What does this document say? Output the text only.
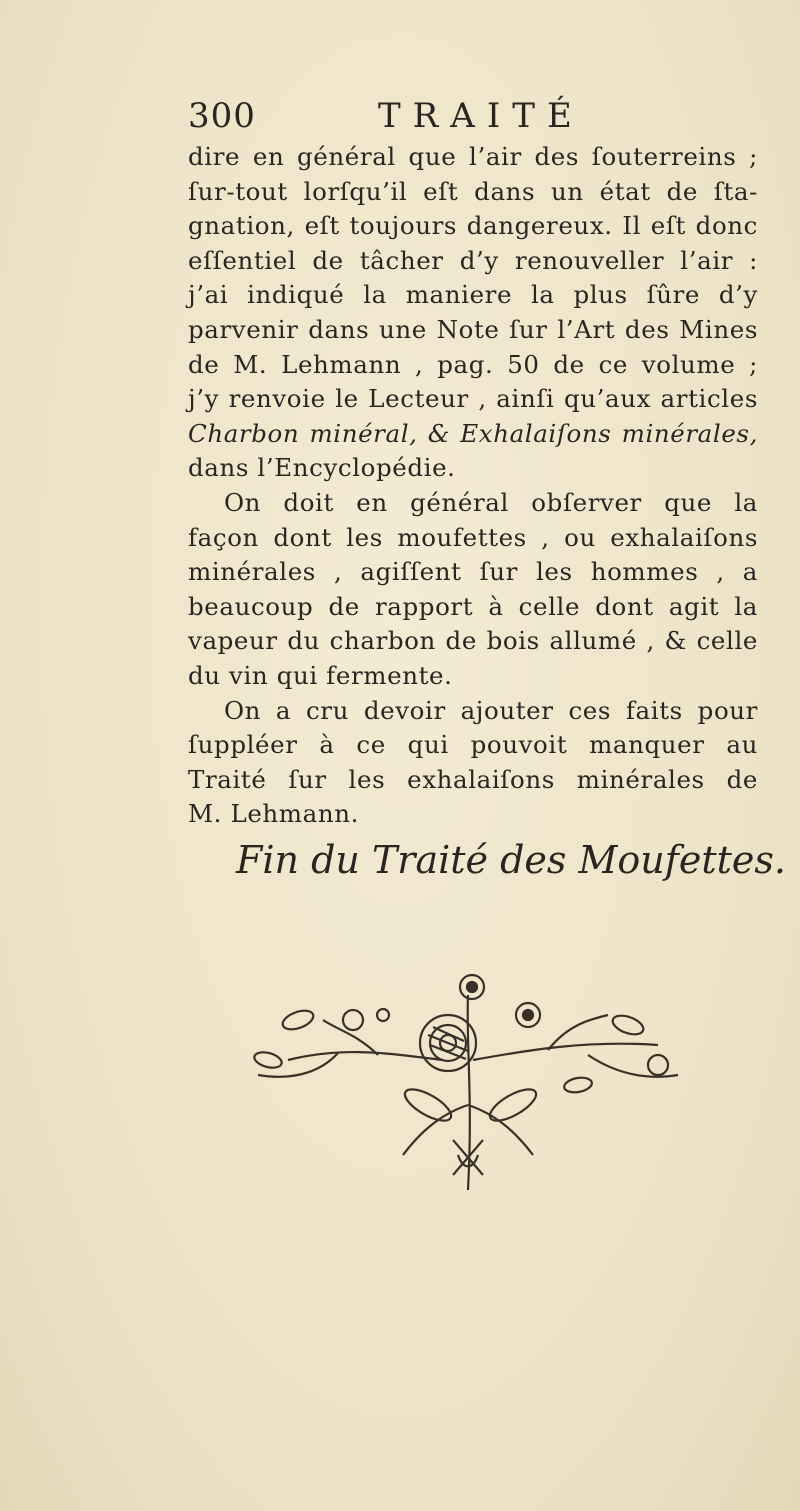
300	TRAITÉ
dire en général que l’air des ſouterreins ;
ſur-tout lorſqu’il eſt dans un état de ſta-
gnation, eſt toujours dangereux. Il eſt donc
eſſentiel de tâcher d’y renouveller l’air :
j’ai indiqué la maniere la plus ſûre d’y
parvenir dans une Note ſur l’Art des Mines
de M. Lehmann , pag. 50 de ce volume ;
j’y renvoie le Lecteur , ainſi qu’aux articles
Charbon minéral, & Exhalaiſons minérales,
dans l’Encyclopédie.
On doit en général obſerver que la
façon dont les moufettes , ou exhalaiſons
minérales , agiſſent ſur les hommes , a
beaucoup de rapport à celle dont agit la
vapeur du charbon de bois allumé , & celle
du vin qui fermente.
On a cru devoir ajouter ces faits pour
ſuppléer à ce qui pouvoit manquer au
Traité ſur les exhalaiſons minérales de
M. Lehmann.
Fin du Traité des Moufettes.
